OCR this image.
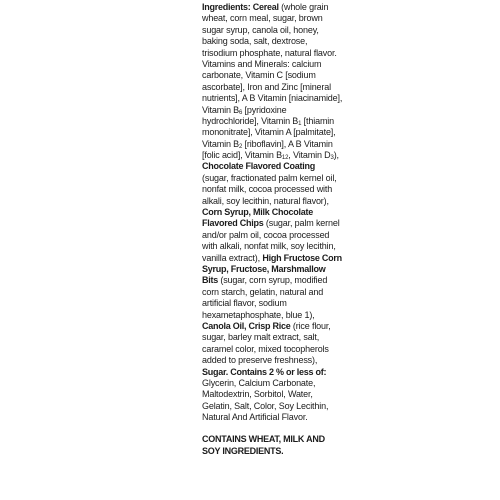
Ingredients: Cereal (whole grain
wheat, corn meal, sugar, brown
sugar syrup, canola oil, honey,
baking soda, salt, dextrose,
trisodium phosphate, natural flavor.
Vitamins and Minerals: calcium
carbonate, Vitamin C [sodium
ascorbate], Iron and Zinc [mineral
nutrients], A B Vitamin [niacinamide],
Vitamin $B_6$ [pyridoxine
hydrochloride], Vitamin $B_1$ [thiamin
mononitrate], Vitamin A [palmitate],
Vitamin $B_2$ [riboflavin], A B Vitamin
[folic acid], Vitamin $B_{12}$, Vitamin $D_3$),
Chocolate Flavored Coating
(sugar, fractionated palm kernel oil,
nonfat milk, cocoa processed with
alkali, soy lecithin, natural flavor),
Corn Syrup, Milk Chocolate
Flavored Chips (sugar, palm kernel
and/or palm oil, cocoa processed
with alkali, nonfat milk, soy lecithin,
vanilla extract), High Fructose Corn
Syrup, Fructose, Marshmallow
Bits (sugar, corn syrup, modified
corn starch, gelatin, natural and
artificial flavor, sodium
hexametaphosphate, blue 1),
Canola Oil, Crisp Rice (rice flour,
sugar, barley malt extract, salt,
caramel color, mixed tocopherols
added to preserve freshness),
Sugar. Contains 2 % or less of:
Glycerin, Calcium Carbonate,
Maltodextrin, Sorbitol, Water,
Gelatin, Salt, Color, Soy Lecithin,
Natural And Artificial Flavor.
CONTAINS WHEAT, MILK AND
SOY INGREDIENTS.
